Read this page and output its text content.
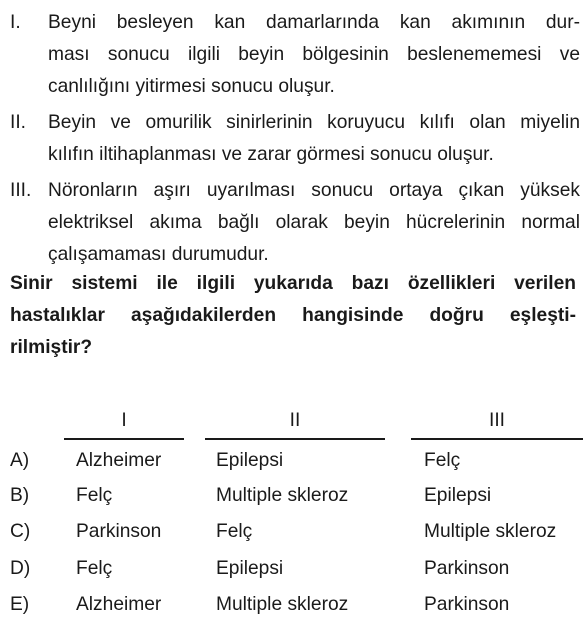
I.	Beyni besleyen kan damarlarında kan akımının dur-
ması sonucu ilgili beyin bölgesinin beslenememesi ve
canlılığını yitirmesi sonucu oluşur.
II.	Beyin ve omurilik sinirlerinin koruyucu kılıfı olan miyelin
kılıfın iltihaplanması ve zarar görmesi sonucu oluşur.
III. Nöronların aşırı uyarılması sonucu ortaya çıkan yüksek
elektriksel akıma bağlı olarak beyin hücrelerinin normal
çalışamaması durumudur.
Sinir sistemi ile ilgili yukarıda bazı özellikleri verilen
hastalıklar aşağıdakilerden hangisinde doğru eşleşti-
rilmiştir?
I	II	III
A) Alzheimer	Epilepsi	Felç
B) Felç	Multiple skleroz	Epilepsi
C) Parkinson	Felç	Multiple skleroz
D) Felç	Epilepsi	Parkinson
E) Alzheimer	Multiple skleroz	Parkinson
